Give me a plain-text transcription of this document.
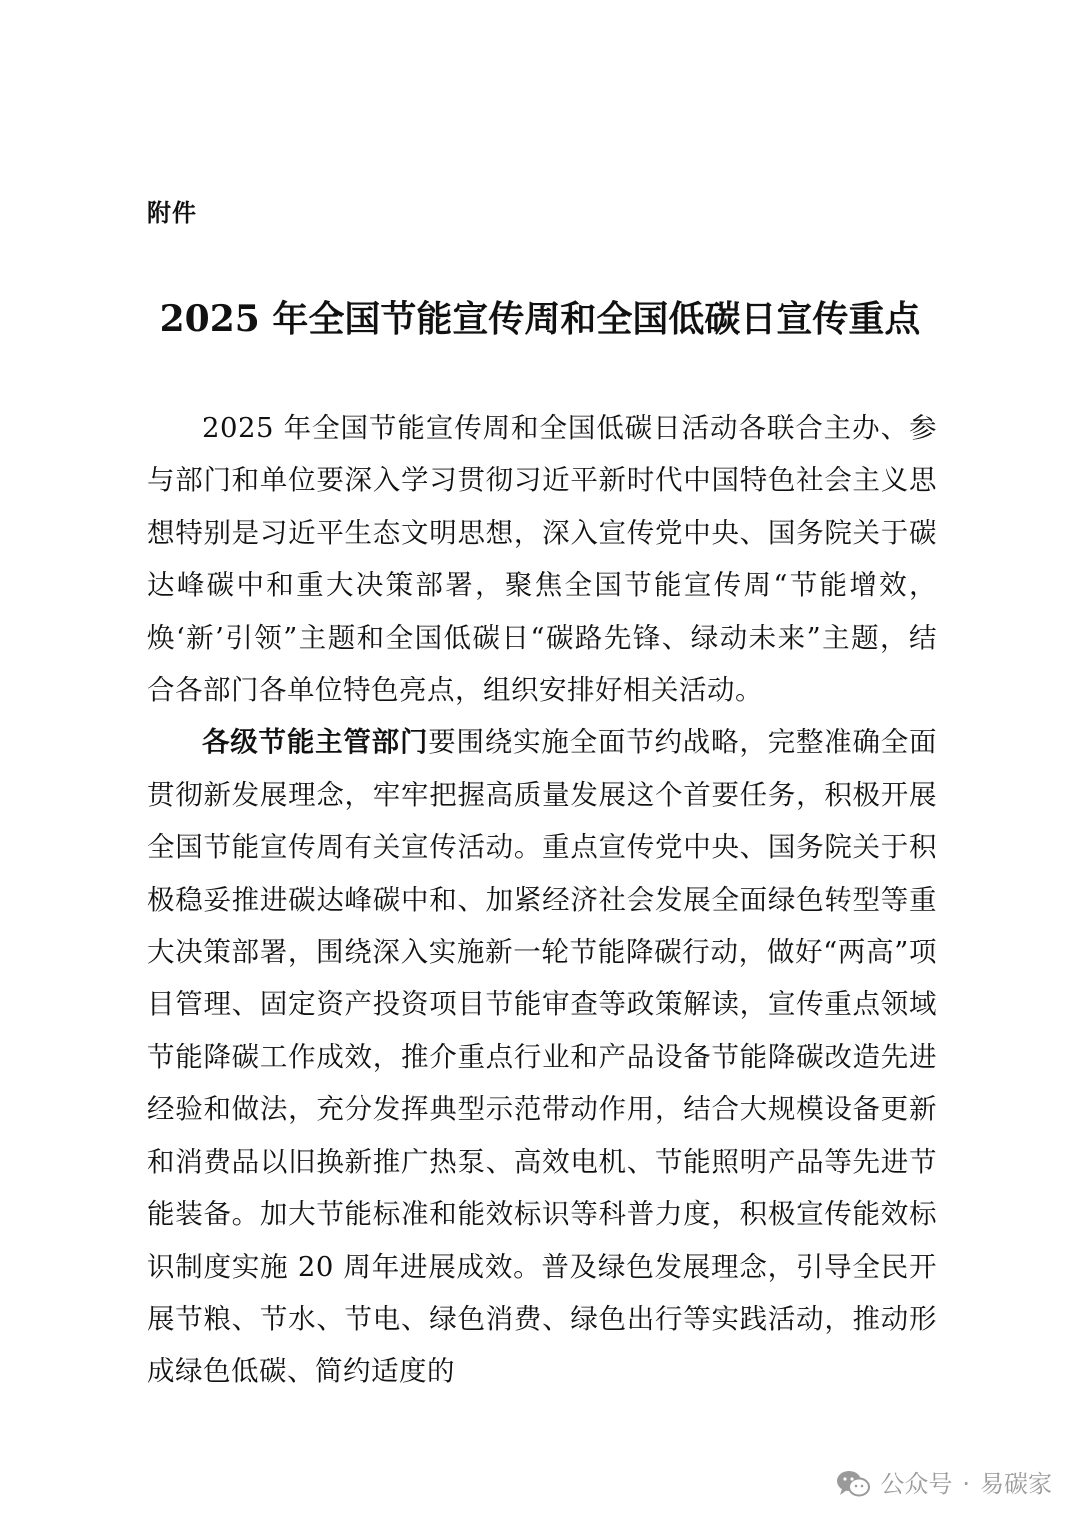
附件
2025 年全国节能宣传周和全国低碳日宣传重点

2025 年全国节能宣传周和全国低碳日活动各联合主办、参与部门和单位要深入学习贯彻习近平新时代中国特色社会主义思想特别是习近平生态文明思想，深入宣传党中央、国务院关于碳达峰碳中和重大决策部署，聚焦全国节能宣传周“节能增效，焕‘新’引领”主题和全国低碳日“碳路先锋、绿动未来”主题，结合各部门各单位特色亮点，组织安排好相关活动。

各级节能主管部门要围绕实施全面节约战略，完整准确全面贯彻新发展理念，牢牢把握高质量发展这个首要任务，积极开展全国节能宣传周有关宣传活动。重点宣传党中央、国务院关于积极稳妥推进碳达峰碳中和、加紧经济社会发展全面绿色转型等重大决策部署，围绕深入实施新一轮节能降碳行动，做好“两高”项目管理、固定资产投资项目节能审查等政策解读，宣传重点领域节能降碳工作成效，推介重点行业和产品设备节能降碳改造先进经验和做法，充分发挥典型示范带动作用，结合大规模设备更新和消费品以旧换新推广热泵、高效电机、节能照明产品等先进节能装备。加大节能标准和能效标识等科普力度，积极宣传能效标识制度实施 20 周年进展成效。普及绿色发展理念，引导全民开展节粮、节水、节电、绿色消费、绿色出行等实践活动，推动形成绿色低碳、简约适度的

公众号 · 易碳家
